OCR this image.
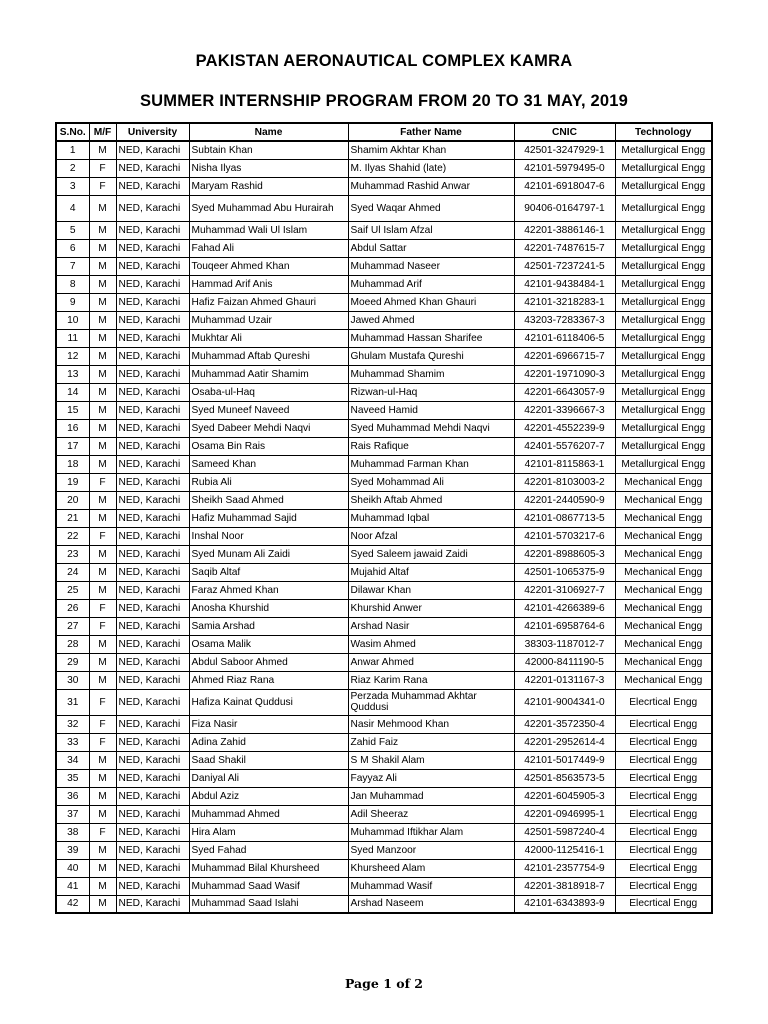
PAKISTAN AERONAUTICAL COMPLEX KAMRA
SUMMER INTERNSHIP PROGRAM FROM 20 TO 31 MAY, 2019
S.No.	M/F	University	Name	Father Name	CNIC	Technology
1	M	NED, Karachi	Subtain Khan	Shamim Akhtar Khan	42501-3247929-1	Metallurgical Engg
2	F	NED, Karachi	Nisha Ilyas	M. Ilyas Shahid (late)	42101-5979495-0	Metallurgical Engg
3	F	NED, Karachi	Maryam Rashid	Muhammad Rashid Anwar	42101-6918047-6	Metallurgical Engg
4	M	NED, Karachi	Syed Muhammad Abu Hurairah	Syed Waqar Ahmed	90406-0164797-1	Metallurgical Engg
5	M	NED, Karachi	Muhammad Wali Ul Islam	Saif Ul Islam Afzal	42201-3886146-1	Metallurgical Engg
6	M	NED, Karachi	Fahad Ali	Abdul Sattar	42201-7487615-7	Metallurgical Engg
7	M	NED, Karachi	Touqeer Ahmed Khan	Muhammad Naseer	42501-7237241-5	Metallurgical Engg
8	M	NED, Karachi	Hammad Arif Anis	Muhammad Arif	42101-9438484-1	Metallurgical Engg
9	M	NED, Karachi	Hafiz Faizan Ahmed Ghauri	Moeed Ahmed Khan Ghauri	42101-3218283-1	Metallurgical Engg
10	M	NED, Karachi	Muhammad Uzair	Jawed Ahmed	43203-7283367-3	Metallurgical Engg
11	M	NED, Karachi	Mukhtar Ali	Muhammad Hassan Sharifee	42101-6118406-5	Metallurgical Engg
12	M	NED, Karachi	Muhammad Aftab Qureshi	Ghulam Mustafa Qureshi	42201-6966715-7	Metallurgical Engg
13	M	NED, Karachi	Muhammad Aatir Shamim	Muhammad Shamim	42201-1971090-3	Metallurgical Engg
14	M	NED, Karachi	Osaba-ul-Haq	Rizwan-ul-Haq	42201-6643057-9	Metallurgical Engg
15	M	NED, Karachi	Syed Muneef Naveed	Naveed Hamid	42201-3396667-3	Metallurgical Engg
16	M	NED, Karachi	Syed Dabeer Mehdi Naqvi	Syed Muhammad Mehdi Naqvi	42201-4552239-9	Metallurgical Engg
17	M	NED, Karachi	Osama Bin Rais	Rais Rafique	42401-5576207-7	Metallurgical Engg
18	M	NED, Karachi	Sameed Khan	Muhammad Farman Khan	42101-8115863-1	Metallurgical Engg
19	F	NED, Karachi	Rubia Ali	Syed Mohammad Ali	42201-8103003-2	Mechanical Engg
20	M	NED, Karachi	Sheikh Saad Ahmed	Sheikh Aftab Ahmed	42201-2440590-9	Mechanical Engg
21	M	NED, Karachi	Hafiz Muhammad Sajid	Muhammad Iqbal	42101-0867713-5	Mechanical Engg
22	F	NED, Karachi	Inshal Noor	Noor Afzal	42101-5703217-6	Mechanical Engg
23	M	NED, Karachi	Syed Munam Ali Zaidi	Syed Saleem jawaid Zaidi	42201-8988605-3	Mechanical Engg
24	M	NED, Karachi	Saqib Altaf	Mujahid Altaf	42501-1065375-9	Mechanical Engg
25	M	NED, Karachi	Faraz Ahmed Khan	Dilawar Khan	42201-3106927-7	Mechanical Engg
26	F	NED, Karachi	Anosha Khurshid	Khurshid Anwer	42101-4266389-6	Mechanical Engg
27	F	NED, Karachi	Samia Arshad	Arshad Nasir	42101-6958764-6	Mechanical Engg
28	M	NED, Karachi	Osama Malik	Wasim Ahmed	38303-1187012-7	Mechanical Engg
29	M	NED, Karachi	Abdul Saboor Ahmed	Anwar Ahmed	42000-8411190-5	Mechanical Engg
30	M	NED, Karachi	Ahmed Riaz Rana	Riaz Karim Rana	42201-0131167-3	Mechanical Engg
31	F	NED, Karachi	Hafiza Kainat Quddusi	Perzada Muhammad Akhtar Quddusi	42101-9004341-0	Elecrtical Engg
32	F	NED, Karachi	Fiza Nasir	Nasir Mehmood Khan	42201-3572350-4	Elecrtical Engg
33	F	NED, Karachi	Adina Zahid	Zahid Faiz	42201-2952614-4	Elecrtical Engg
34	M	NED, Karachi	Saad Shakil	S M Shakil Alam	42101-5017449-9	Elecrtical Engg
35	M	NED, Karachi	Daniyal Ali	Fayyaz Ali	42501-8563573-5	Elecrtical Engg
36	M	NED, Karachi	Abdul Aziz	Jan Muhammad	42201-6045905-3	Elecrtical Engg
37	M	NED, Karachi	Muhammad Ahmed	Adil Sheeraz	42201-0946995-1	Elecrtical Engg
38	F	NED, Karachi	Hira Alam	Muhammad Iftikhar Alam	42501-5987240-4	Elecrtical Engg
39	M	NED, Karachi	Syed Fahad	Syed Manzoor	42000-1125416-1	Elecrtical Engg
40	M	NED, Karachi	Muhammad Bilal Khursheed	Khursheed Alam	42101-2357754-9	Elecrtical Engg
41	M	NED, Karachi	Muhammad Saad Wasif	Muhammad Wasif	42201-3818918-7	Elecrtical Engg
42	M	NED, Karachi	Muhammad Saad Islahi	Arshad Naseem	42101-6343893-9	Elecrtical Engg
Page 1 of 2
